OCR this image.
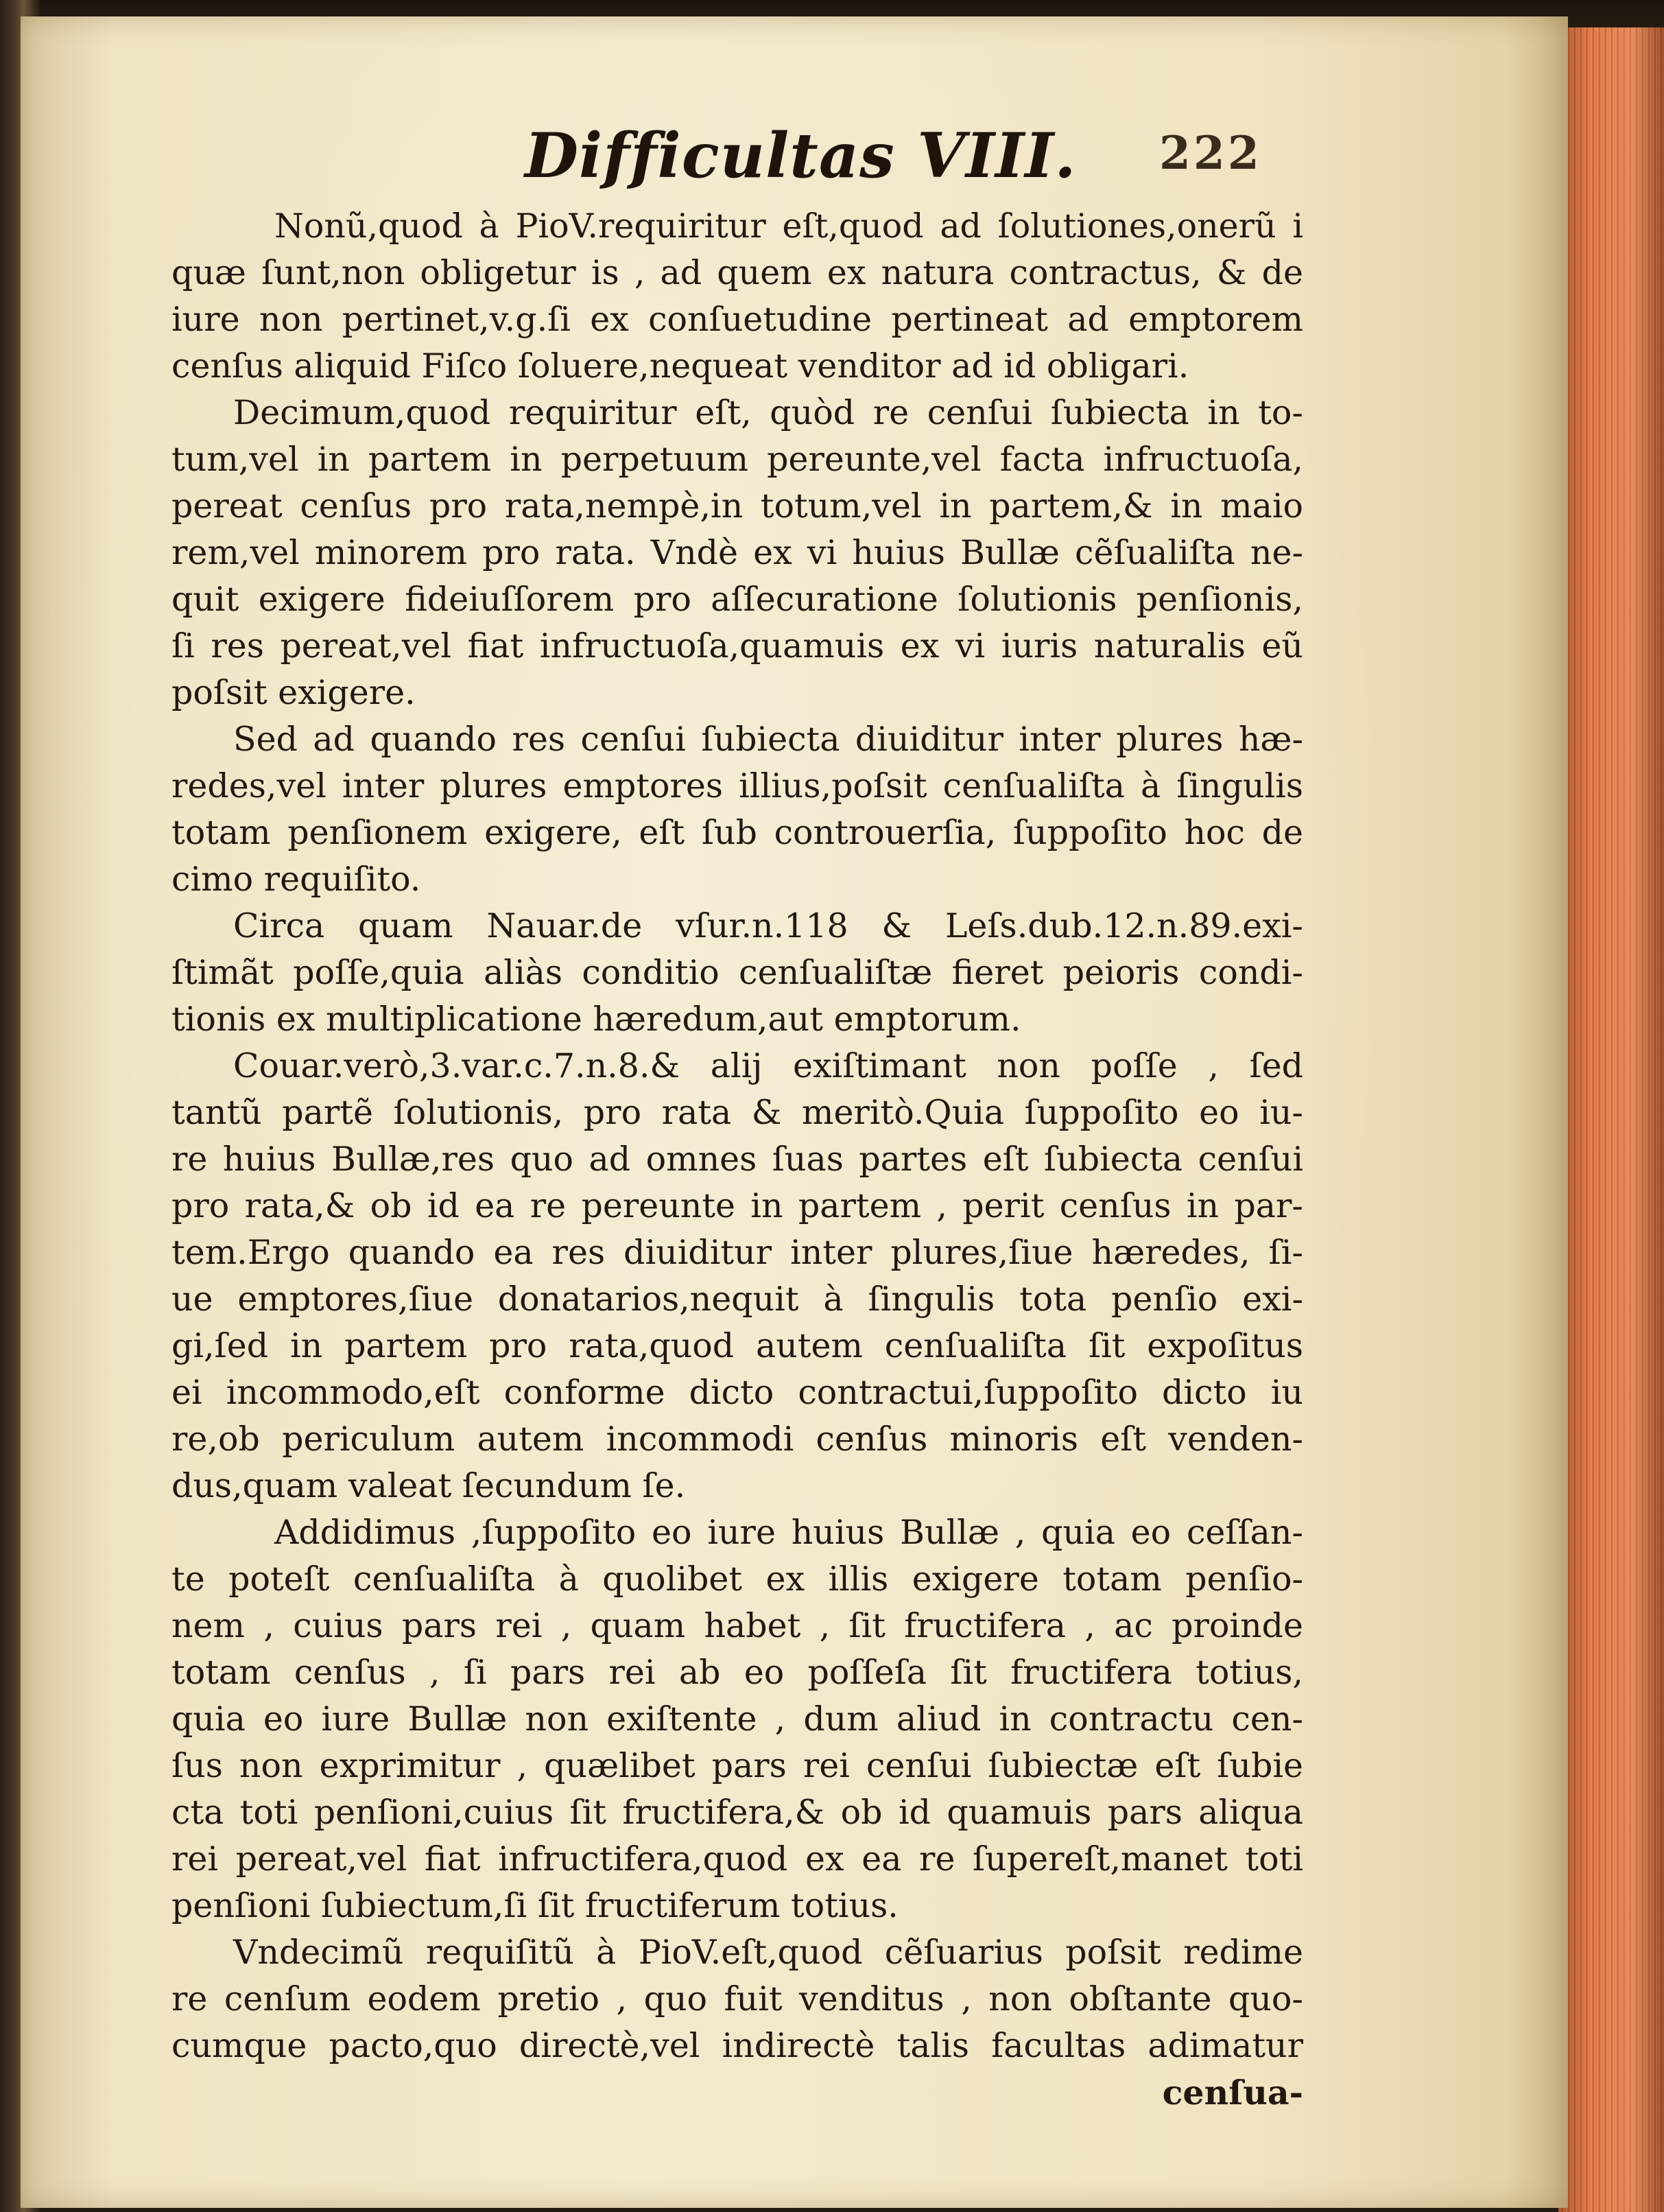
Difficultas VIII. 222
Nonũ,quod à PioV.requiritur eſt,quod ad ſolutiones,onerũ i
quæ ſunt,non obligetur is , ad quem ex natura contractus, & de
iure non pertinet,v.g.ſi ex conſuetudine pertineat ad emptorem
cenſus aliquid Fiſco ſoluere,nequeat venditor ad id obligari.
Decimum,quod requiritur eſt, quòd re cenſui ſubiecta in to-
tum,vel in partem in perpetuum pereunte,vel facta infructuoſa,
pereat cenſus pro rata,nempè,in totum,vel in partem,& in maio
rem,vel minorem pro rata. Vndè ex vi huius Bullæ cẽſualiſta ne-
quit exigere fideiuſſorem pro aſſecuratione ſolutionis penſionis,
ſi res pereat,vel fiat infructuoſa,quamuis ex vi iuris naturalis eũ
poſsit exigere.
Sed ad quando res cenſui ſubiecta diuiditur inter plures hæ-
redes,vel inter plures emptores illius,poſsit cenſualiſta à ſingulis
totam penſionem exigere, eſt ſub controuerſia, ſuppoſito hoc de
cimo requiſito.
Circa quam Nauar.de vſur.n.118 & Leſs.dub.12.n.89.exi-
ſtimãt poſſe,quia aliàs conditio cenſualiſtæ fieret peioris condi-
tionis ex multiplicatione hæredum,aut emptorum.
Couar.verò,3.var.c.7.n.8.& alij exiſtimant non poſſe , ſed
tantũ partẽ ſolutionis, pro rata & meritò.Quia ſuppoſito eo iu-
re huius Bullæ,res quo ad omnes ſuas partes eſt ſubiecta cenſui
pro rata,& ob id ea re pereunte in partem , perit cenſus in par-
tem.Ergo quando ea res diuiditur inter plures,ſiue hæredes, ſi-
ue emptores,ſiue donatarios,nequit à ſingulis tota penſio exi-
gi,ſed in partem pro rata,quod autem cenſualiſta ſit expoſitus
ei incommodo,eſt conforme dicto contractui,ſuppoſito dicto iu
re,ob periculum autem incommodi cenſus minoris eſt venden-
dus,quam valeat ſecundum ſe.
Addidimus ,ſuppoſito eo iure huius Bullæ , quia eo ceſſan-
te poteſt cenſualiſta à quolibet ex illis exigere totam penſio-
nem , cuius pars rei , quam habet , ſit fructifera , ac proinde
totam cenſus , ſi pars rei ab eo poſſeſa ſit fructifera totius,
quia eo iure Bullæ non exiſtente , dum aliud in contractu cen-
ſus non exprimitur , quælibet pars rei cenſui ſubiectæ eſt ſubie
cta toti penſioni,cuius ſit fructifera,& ob id quamuis pars aliqua
rei pereat,vel fiat infructifera,quod ex ea re ſupereſt,manet toti
penſioni ſubiectum,ſi ſit fructiferum totius.
Vndecimũ requiſitũ à PioV.eſt,quod cẽſuarius poſsit redime
re cenſum eodem pretio , quo fuit venditus , non obſtante quo-
cumque pacto,quo directè,vel indirectè talis facultas adimatur
cenſua-
